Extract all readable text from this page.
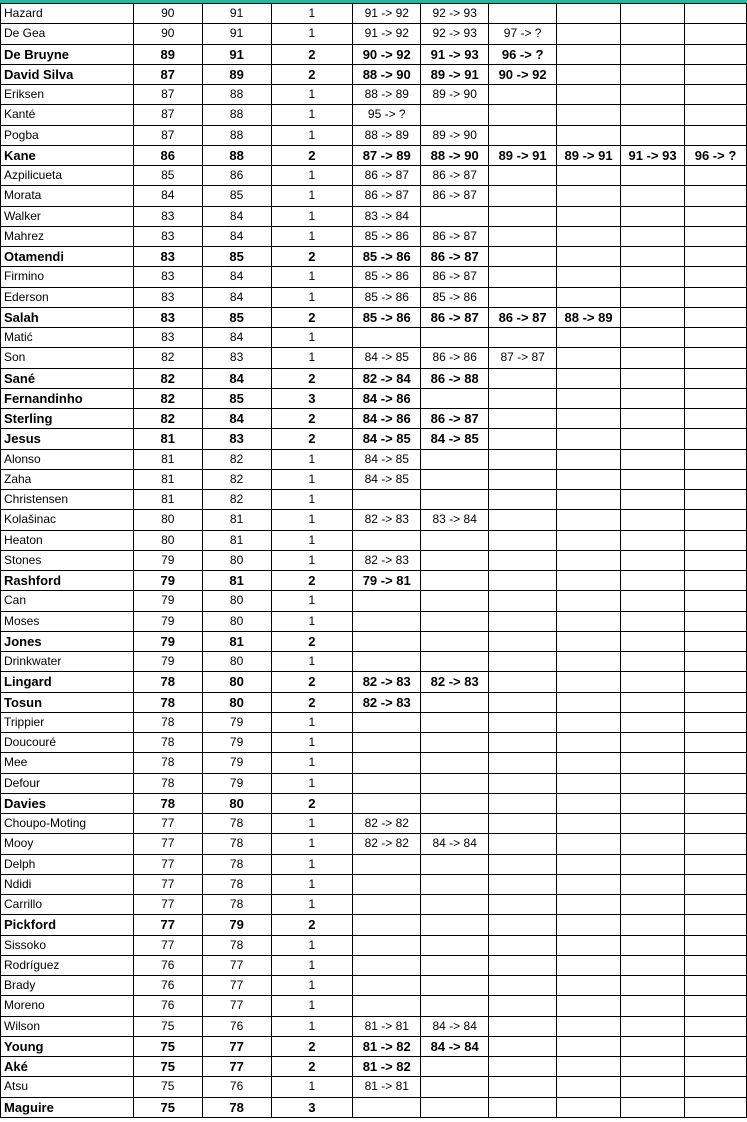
Hazard	90	91	1	91 -> 92	92 -> 93				
De Gea	90	91	1	91 -> 92	92 -> 93	97 -> ?			
De Bruyne	89	91	2	90 -> 92	91 -> 93	96 -> ?			
David Silva	87	89	2	88 -> 90	89 -> 91	90 -> 92			
Eriksen	87	88	1	88 -> 89	89 -> 90				
Kanté	87	88	1	95 -> ?					
Pogba	87	88	1	88 -> 89	89 -> 90				
Kane	86	88	2	87 -> 89	88 -> 90	89 -> 91	89 -> 91	91 -> 93	96 -> ?
Azpilicueta	85	86	1	86 -> 87	86 -> 87				
Morata	84	85	1	86 -> 87	86 -> 87				
Walker	83	84	1	83 -> 84					
Mahrez	83	84	1	85 -> 86	86 -> 87				
Otamendi	83	85	2	85 -> 86	86 -> 87				
Firmino	83	84	1	85 -> 86	86 -> 87				
Ederson	83	84	1	85 -> 86	85 -> 86				
Salah	83	85	2	85 -> 86	86 -> 87	86 -> 87	88 -> 89		
Matić	83	84	1						
Son	82	83	1	84 -> 85	86 -> 86	87 -> 87			
Sané	82	84	2	82 -> 84	86 -> 88				
Fernandinho	82	85	3	84 -> 86					
Sterling	82	84	2	84 -> 86	86 -> 87				
Jesus	81	83	2	84 -> 85	84 -> 85				
Alonso	81	82	1	84 -> 85					
Zaha	81	82	1	84 -> 85					
Christensen	81	82	1						
Kolašinac	80	81	1	82 -> 83	83 -> 84				
Heaton	80	81	1						
Stones	79	80	1	82 -> 83					
Rashford	79	81	2	79 -> 81					
Can	79	80	1						
Moses	79	80	1						
Jones	79	81	2						
Drinkwater	79	80	1						
Lingard	78	80	2	82 -> 83	82 -> 83				
Tosun	78	80	2	82 -> 83					
Trippier	78	79	1						
Doucouré	78	79	1						
Mee	78	79	1						
Defour	78	79	1						
Davies	78	80	2						
Choupo-Moting	77	78	1	82 -> 82					
Mooy	77	78	1	82 -> 82	84 -> 84				
Delph	77	78	1						
Ndidi	77	78	1						
Carrillo	77	78	1						
Pickford	77	79	2						
Sissoko	77	78	1						
Rodríguez	76	77	1						
Brady	76	77	1						
Moreno	76	77	1						
Wilson	75	76	1	81 -> 81	84 -> 84				
Young	75	77	2	81 -> 82	84 -> 84				
Aké	75	77	2	81 -> 82					
Atsu	75	76	1	81 -> 81					
Maguire	75	78	3						
